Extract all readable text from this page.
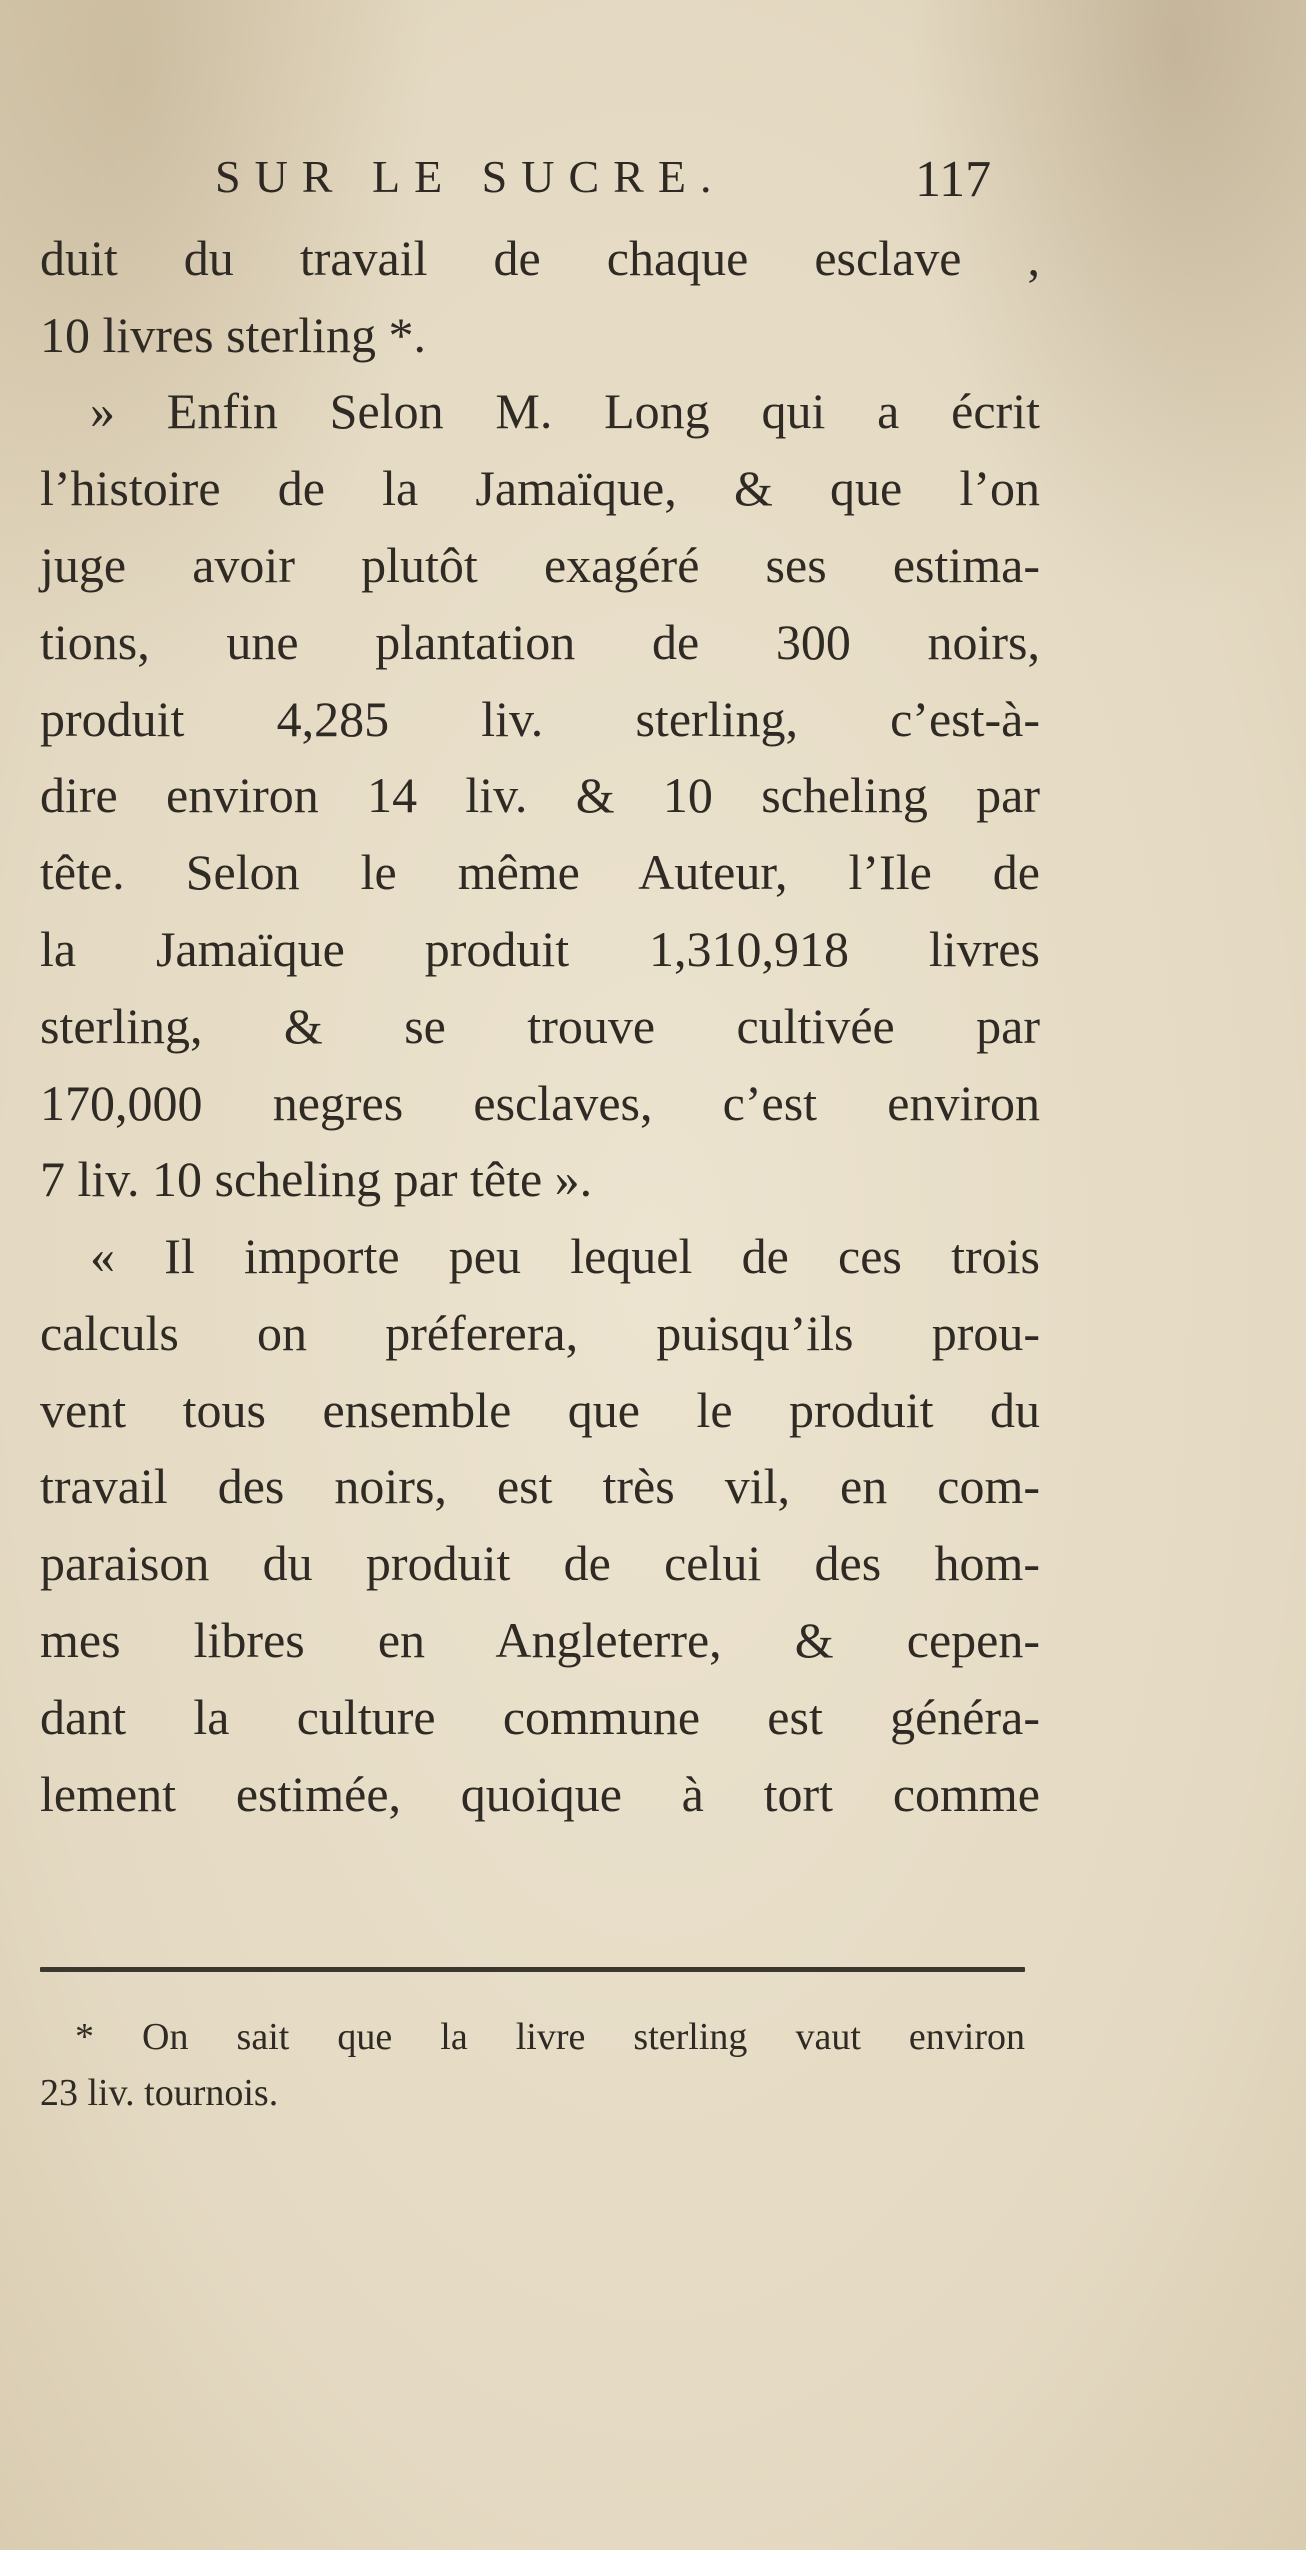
SUR LE SUCRE.	117
duit du travail de chaque esclave ,
10 livres sterling *.
» Enfin Selon M. Long qui a écrit
l’histoire de la Jamaïque, & que l’on
juge avoir plutôt exagéré ses estima-
tions, une plantation de 300 noirs,
produit 4,285 liv. sterling, c’est-à-
dire environ 14 liv. & 10 scheling par
tête. Selon le même Auteur, l’Ile de
la Jamaïque produit 1,310,918 livres
sterling, & se trouve cultivée par
170,000 negres esclaves, c’est environ
7 liv. 10 scheling par tête ».
« Il importe peu lequel de ces trois
calculs on préferera, puisqu’ils prou-
vent tous ensemble que le produit du
travail des noirs, est très vil, en com-
paraison du produit de celui des hom-
mes libres en Angleterre, & cepen-
dant la culture commune est généra-
lement estimée, quoique à tort comme
* On sait que la livre sterling vaut environ
23 liv. tournois.
